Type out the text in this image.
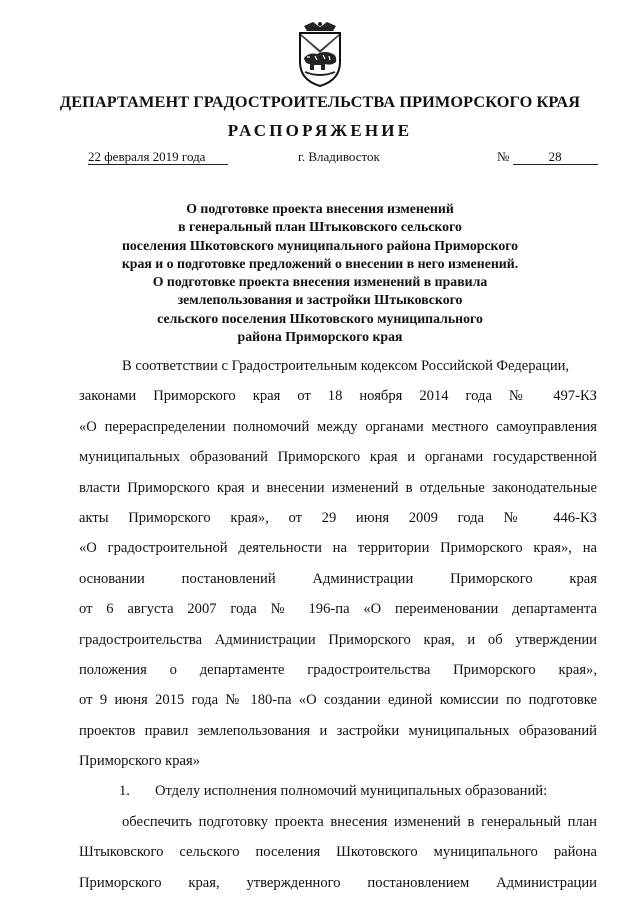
ДЕПАРТАМЕНТ ГРАДОСТРОИТЕЛЬСТВА ПРИМОРСКОГО КРАЯ
РАСПОРЯЖЕНИЕ
22 февраля 2019 года	г. Владивосток	№	28
О подготовке проекта внесения изменений
в генеральный план Штыковского сельского
поселения Шкотовского муниципального района Приморского
края и о подготовке предложений о внесении в него изменений.
О подготовке проекта внесения изменений в правила
землепользования и застройки Штыковского
сельского поселения Шкотовского муниципального
района Приморского края
В соответствии с Градостроительным кодексом Российской Федерации,
законами Приморского края от 18 ноября 2014 года № 497-КЗ
«О перераспределении полномочий между органами местного самоуправления
муниципальных образований Приморского края и органами государственной
власти Приморского края и внесении изменений в отдельные законодательные
акты Приморского края», от 29 июня 2009 года № 446-КЗ
«О градостроительной деятельности на территории Приморского края», на
основании постановлений Администрации Приморского края
от 6 августа 2007 года № 196-па «О переименовании департамента
градостроительства Администрации Приморского края, и об утверждении
положения о департаменте градостроительства Приморского края»,
от 9 июня 2015 года № 180-па «О создании единой комиссии по подготовке
проектов правил землепользования и застройки муниципальных образований
Приморского края»
1. Отделу исполнения полномочий муниципальных образований:
обеспечить подготовку проекта внесения изменений в генеральный план
Штыковского сельского поселения Шкотовского муниципального района
Приморского края, утвержденного постановлением Администрации
